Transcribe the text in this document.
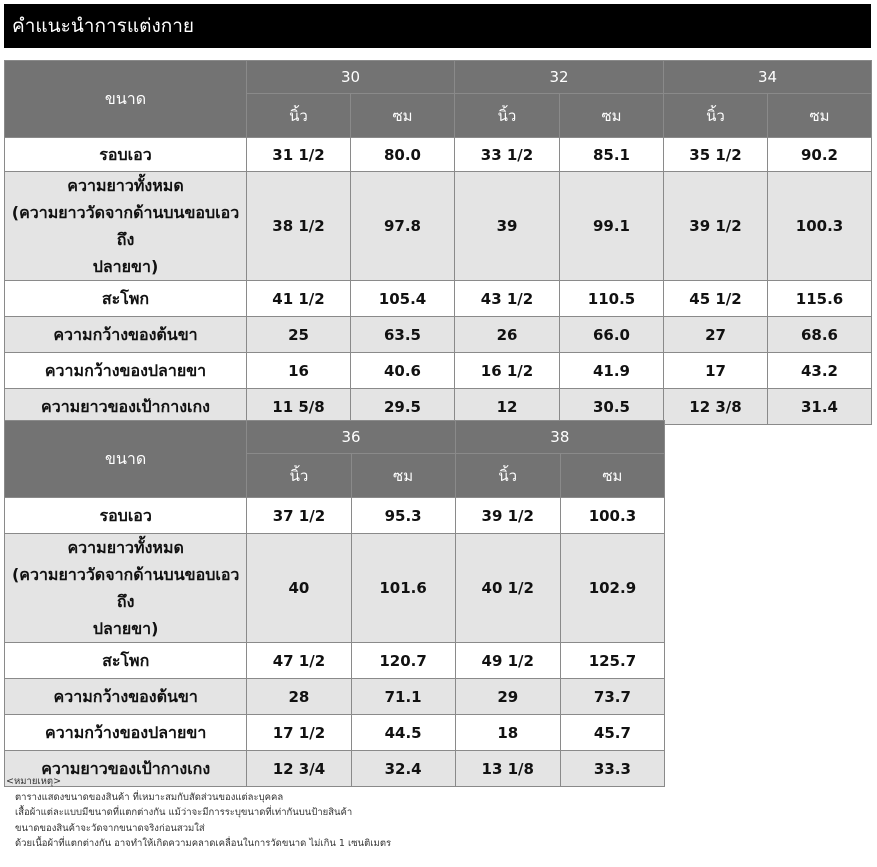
คำแนะนำการแต่งกาย
ขนาด	30		32		34	
	นิ้ว	ซม	นิ้ว	ซม	นิ้ว	ซม
รอบเอว	31 1/2	80.0	33 1/2	85.1	35 1/2	90.2

ความยาวทั้งหมด
(ความยาววัดจากด้านบนขอบเอวถึง
ปลายขา)	38 1/2	97.8	39	99.1	39 1/2	100.3
สะโพก	41 1/2	105.4	43 1/2	110.5	45 1/2	115.6
ความกว้างของต้นขา	25	63.5	26	66.0	27	68.6
ความกว้างของปลายขา	16	40.6	16 1/2	41.9	17	43.2
ความยาวของเป้ากางเกง	11 5/8	29.5	12	30.5	12 3/8	31.4
ขนาด	36		38	
	นิ้ว	ซม	นิ้ว	ซม
รอบเอว	37 1/2	95.3	39 1/2	100.3

ความยาวทั้งหมด
(ความยาววัดจากด้านบนขอบเอวถึง
ปลายขา)	40	101.6	40 1/2	102.9
สะโพก	47 1/2	120.7	49 1/2	125.7
ความกว้างของต้นขา	28	71.1	29	73.7
ความกว้างของปลายขา	17 1/2	44.5	18	45.7
ความยาวของเป้ากางเกง	12 3/4	32.4	13 1/8	33.3
<หมายเหตุ>
ตารางแสดงขนาดของสินค้า ที่เหมาะสมกับสัดส่วนของแต่ละบุคคล
เสื้อผ้าแต่ละแบบมีขนาดที่แตกต่างกัน แม้ว่าจะมีการระบุขนาดที่เท่ากันบนป้ายสินค้า
ขนาดของสินค้าจะวัดจากขนาดจริงก่อนสวมใส่
ด้วยเนื้อผ้าที่แตกต่างกัน อาจทำให้เกิดความคลาดเคลื่อนในการวัดขนาด ไม่เกิน 1 เซนติเมตร
